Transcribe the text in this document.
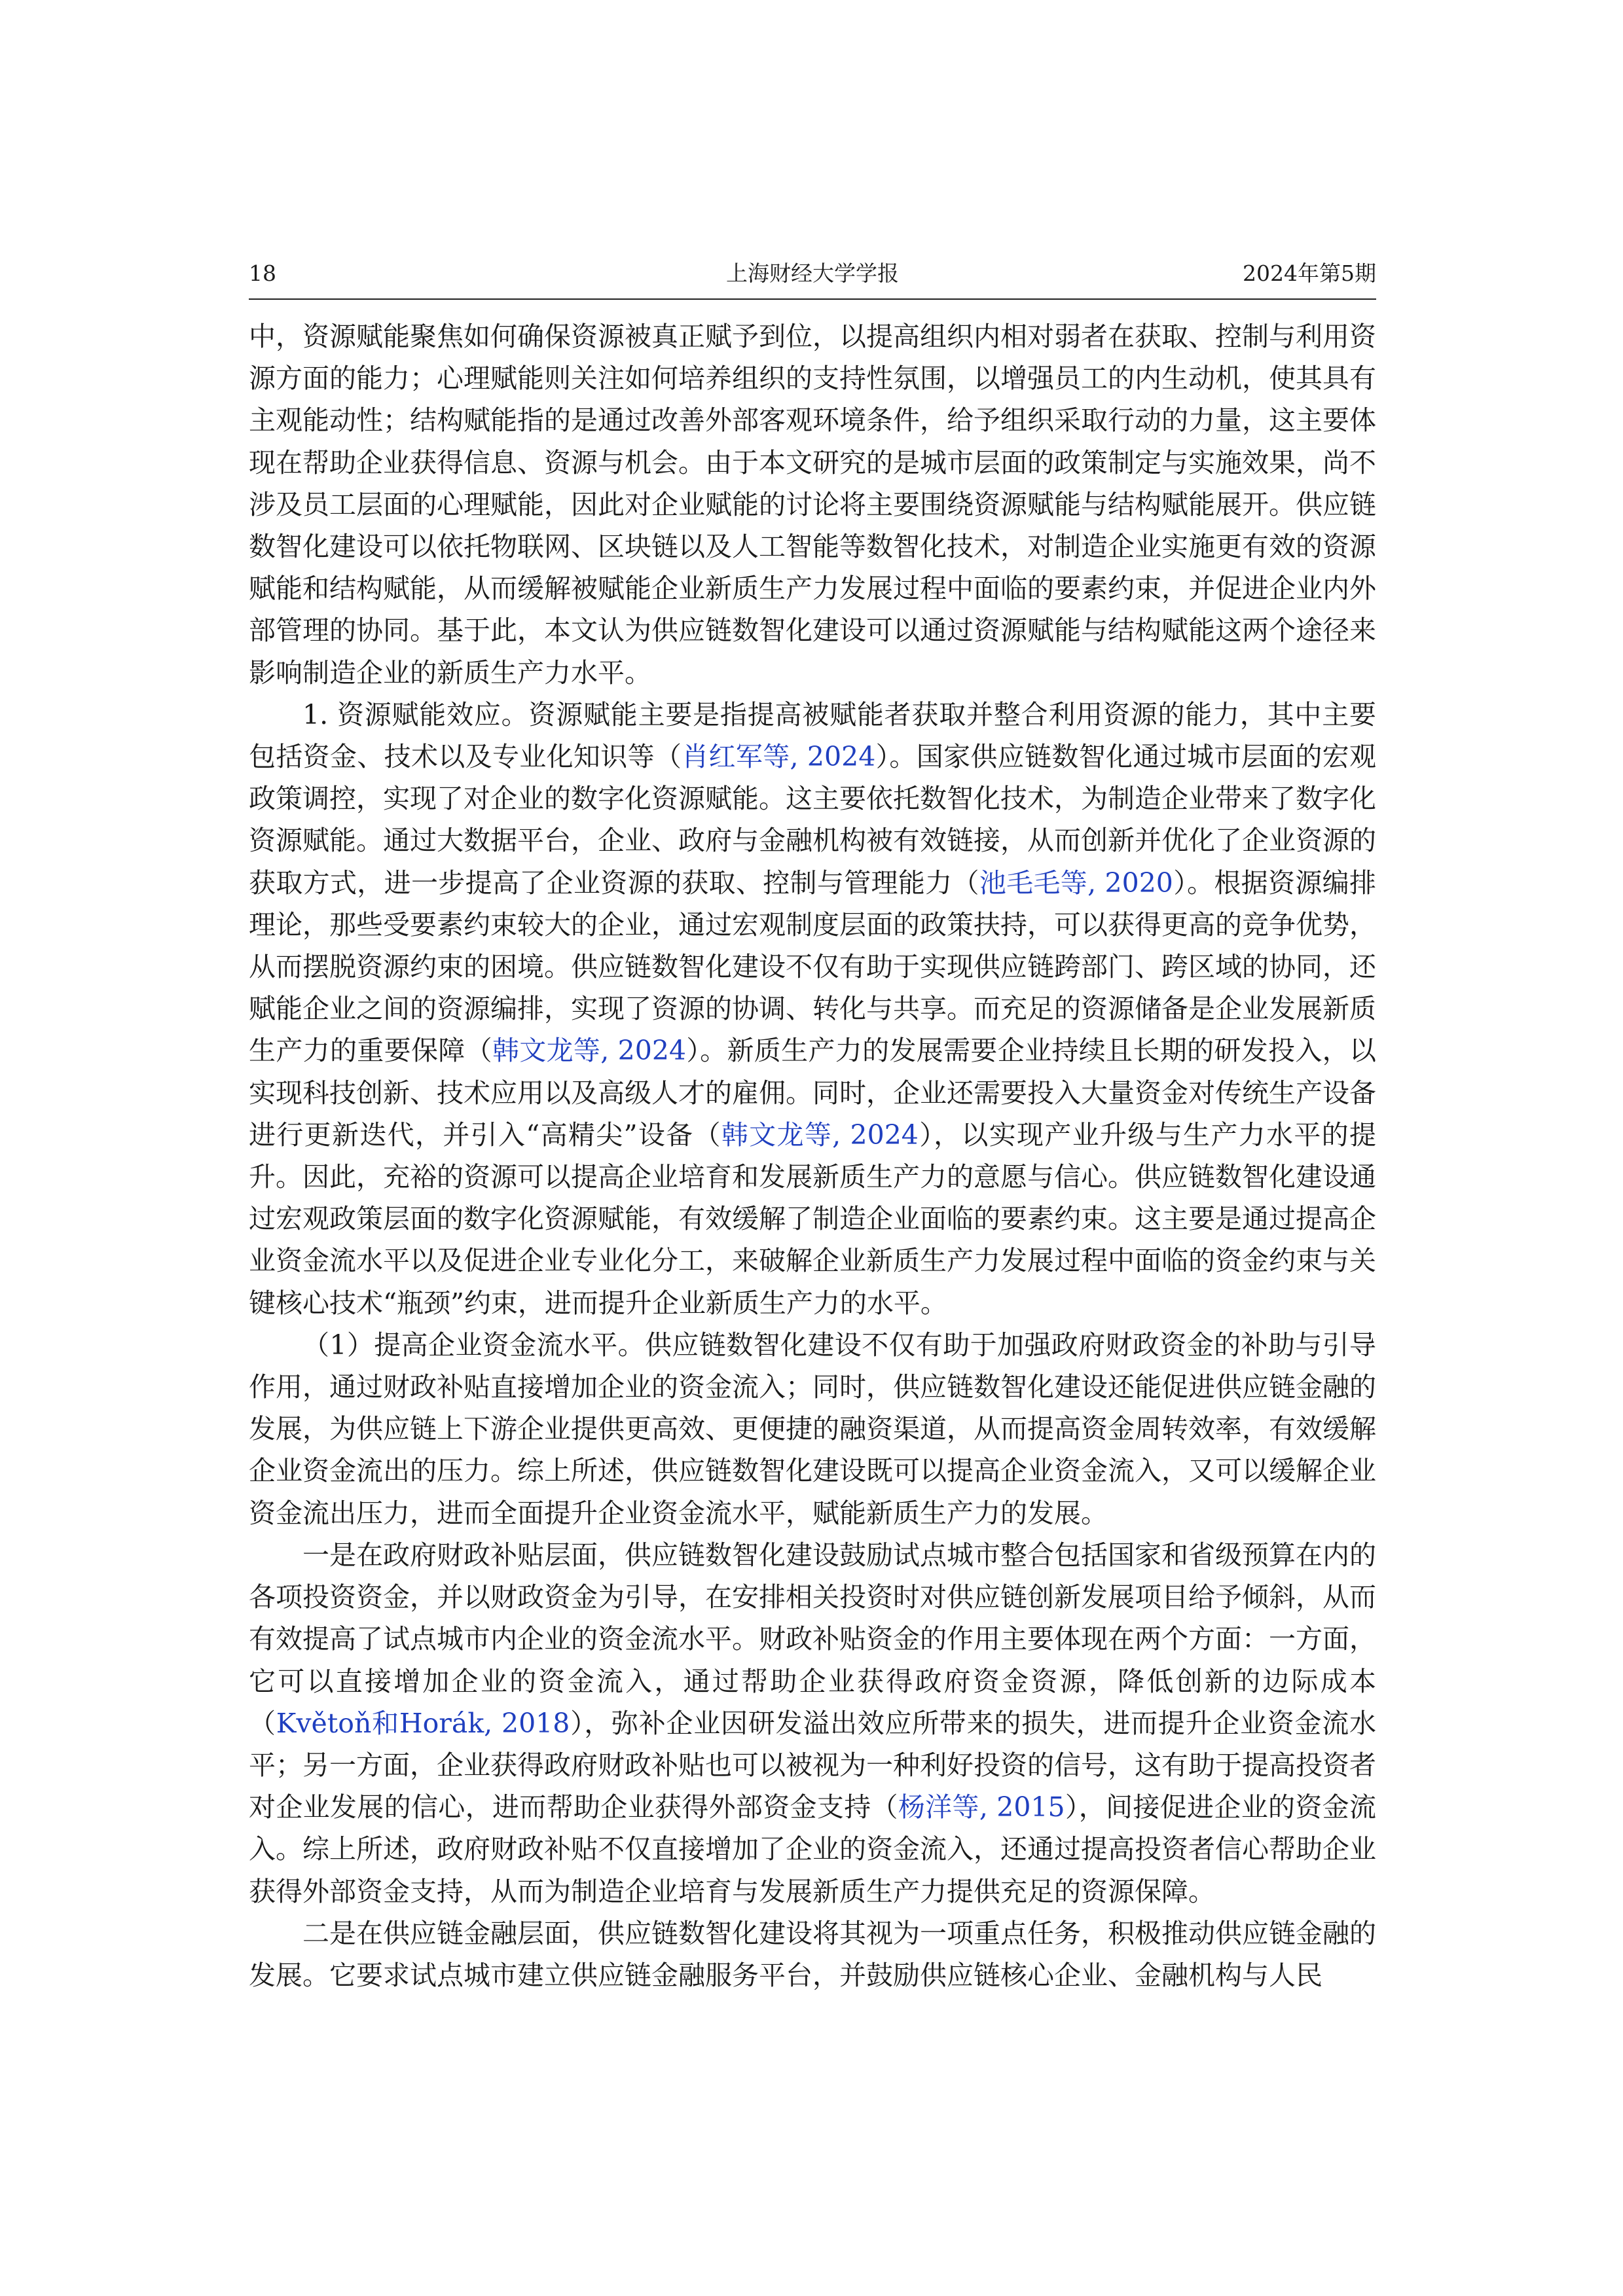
18	上海财经大学学报	2024年第5期

中，资源赋能聚焦如何确保资源被真正赋予到位，以提高组织内相对弱者在获取、控制与利用资源方面的能力；心理赋能则关注如何培养组织的支持性氛围，以增强员工的内生动机，使其具有主观能动性；结构赋能指的是通过改善外部客观环境条件，给予组织采取行动的力量，这主要体现在帮助企业获得信息、资源与机会。由于本文研究的是城市层面的政策制定与实施效果，尚不涉及员工层面的心理赋能，因此对企业赋能的讨论将主要围绕资源赋能与结构赋能展开。供应链数智化建设可以依托物联网、区块链以及人工智能等数智化技术，对制造企业实施更有效的资源赋能和结构赋能，从而缓解被赋能企业新质生产力发展过程中面临的要素约束，并促进企业内外部管理的协同。基于此，本文认为供应链数智化建设可以通过资源赋能与结构赋能这两个途径来影响制造企业的新质生产力水平。

1. 资源赋能效应。资源赋能主要是指提高被赋能者获取并整合利用资源的能力，其中主要包括资金、技术以及专业化知识等（肖红军等, 2024）。国家供应链数智化通过城市层面的宏观政策调控，实现了对企业的数字化资源赋能。这主要依托数智化技术，为制造企业带来了数字化资源赋能。通过大数据平台，企业、政府与金融机构被有效链接，从而创新并优化了企业资源的获取方式，进一步提高了企业资源的获取、控制与管理能力（池毛毛等, 2020）。根据资源编排理论，那些受要素约束较大的企业，通过宏观制度层面的政策扶持，可以获得更高的竞争优势，从而摆脱资源约束的困境。供应链数智化建设不仅有助于实现供应链跨部门、跨区域的协同，还赋能企业之间的资源编排，实现了资源的协调、转化与共享。而充足的资源储备是企业发展新质生产力的重要保障（韩文龙等, 2024）。新质生产力的发展需要企业持续且长期的研发投入，以实现科技创新、技术应用以及高级人才的雇佣。同时，企业还需要投入大量资金对传统生产设备进行更新迭代，并引入“高精尖”设备（韩文龙等, 2024），以实现产业升级与生产力水平的提升。因此，充裕的资源可以提高企业培育和发展新质生产力的意愿与信心。供应链数智化建设通过宏观政策层面的数字化资源赋能，有效缓解了制造企业面临的要素约束。这主要是通过提高企业资金流水平以及促进企业专业化分工，来破解企业新质生产力发展过程中面临的资金约束与关键核心技术“瓶颈”约束，进而提升企业新质生产力的水平。

（1）提高企业资金流水平。供应链数智化建设不仅有助于加强政府财政资金的补助与引导作用，通过财政补贴直接增加企业的资金流入；同时，供应链数智化建设还能促进供应链金融的发展，为供应链上下游企业提供更高效、更便捷的融资渠道，从而提高资金周转效率，有效缓解企业资金流出的压力。综上所述，供应链数智化建设既可以提高企业资金流入，又可以缓解企业资金流出压力，进而全面提升企业资金流水平，赋能新质生产力的发展。

一是在政府财政补贴层面，供应链数智化建设鼓励试点城市整合包括国家和省级预算在内的各项投资资金，并以财政资金为引导，在安排相关投资时对供应链创新发展项目给予倾斜，从而有效提高了试点城市内企业的资金流水平。财政补贴资金的作用主要体现在两个方面：一方面，它可以直接增加企业的资金流入，通过帮助企业获得政府资金资源，降低创新的边际成本（Květoň和Horák, 2018），弥补企业因研发溢出效应所带来的损失，进而提升企业资金流水平；另一方面，企业获得政府财政补贴也可以被视为一种利好投资的信号，这有助于提高投资者对企业发展的信心，进而帮助企业获得外部资金支持（杨洋等, 2015），间接促进企业的资金流入。综上所述，政府财政补贴不仅直接增加了企业的资金流入，还通过提高投资者信心帮助企业获得外部资金支持，从而为制造企业培育与发展新质生产力提供充足的资源保障。

二是在供应链金融层面，供应链数智化建设将其视为一项重点任务，积极推动供应链金融的发展。它要求试点城市建立供应链金融服务平台，并鼓励供应链核心企业、金融机构与人民
